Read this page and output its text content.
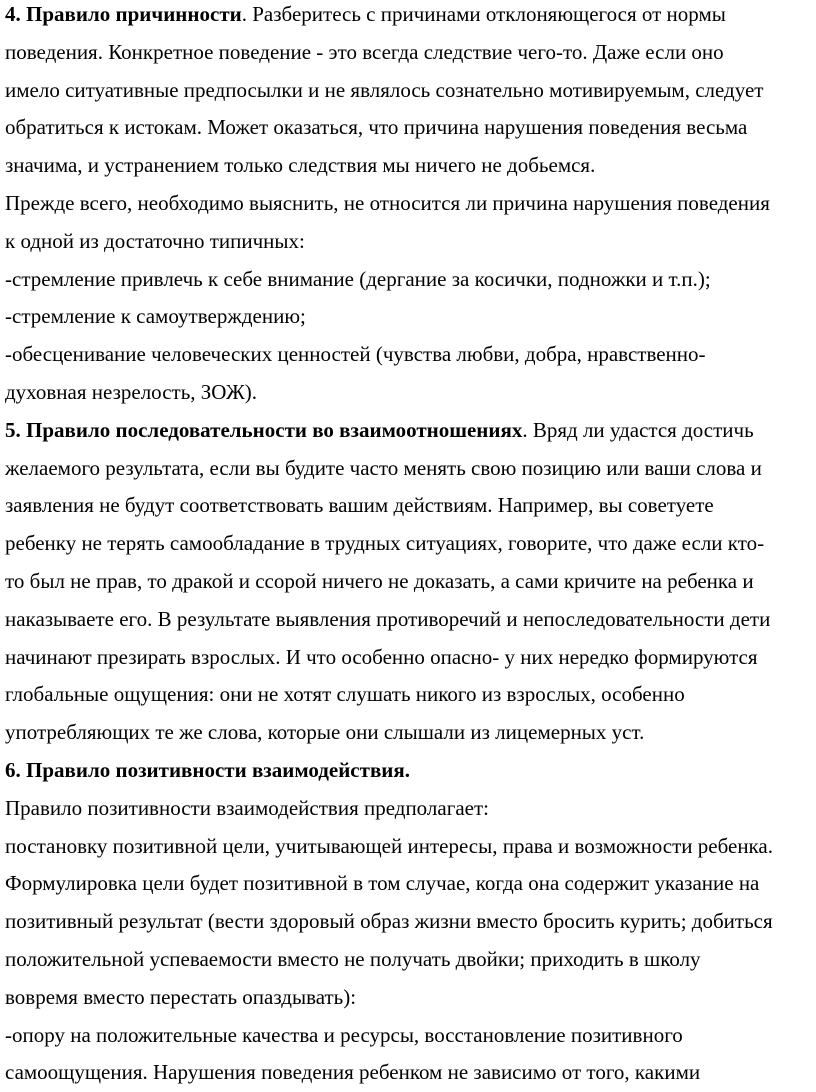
4. Правило причинности. Разберитесь с причинами отклоняющегося от нормы
поведения. Конкретное поведение - это всегда следствие чего-то. Даже если оно
имело ситуативные предпосылки и не являлось сознательно мотивируемым, следует
обратиться к истокам. Может оказаться, что причина нарушения поведения весьма
значима, и устранением только следствия мы ничего не добьемся.
Прежде всего, необходимо выяснить, не относится ли причина нарушения поведения
к одной из достаточно типичных:
-стремление привлечь к себе внимание (дергание за косички, подножки и т.п.);
-стремление к самоутверждению;
-обесценивание человеческих ценностей (чувства любви, добра, нравственно-
духовная незрелость, ЗОЖ).
5. Правило последовательности во взаимоотношениях. Вряд ли удастся достичь
желаемого результата, если вы будите часто менять свою позицию или ваши слова и
заявления не будут соответствовать вашим действиям. Например, вы советуете
ребенку не терять самообладание в трудных ситуациях, говорите, что даже если кто-
то был не прав, то дракой и ссорой ничего не доказать, а сами кричите на ребенка и
наказываете его. В результате выявления противоречий и непоследовательности дети
начинают презирать взрослых. И что особенно опасно- у них нередко формируются
глобальные ощущения: они не хотят слушать никого из взрослых, особенно
употребляющих те же слова, которые они слышали из лицемерных уст.
6. Правило позитивности взаимодействия.
Правило позитивности взаимодействия предполагает:
постановку позитивной цели, учитывающей интересы, права и возможности ребенка.
Формулировка цели будет позитивной в том случае, когда она содержит указание на
позитивный результат (вести здоровый образ жизни вместо бросить курить; добиться
положительной успеваемости вместо не получать двойки; приходить в школу
вовремя вместо перестать опаздывать):
-опору на положительные качества и ресурсы, восстановление позитивного
самоощущения. Нарушения поведения ребенком не зависимо от того, какими
